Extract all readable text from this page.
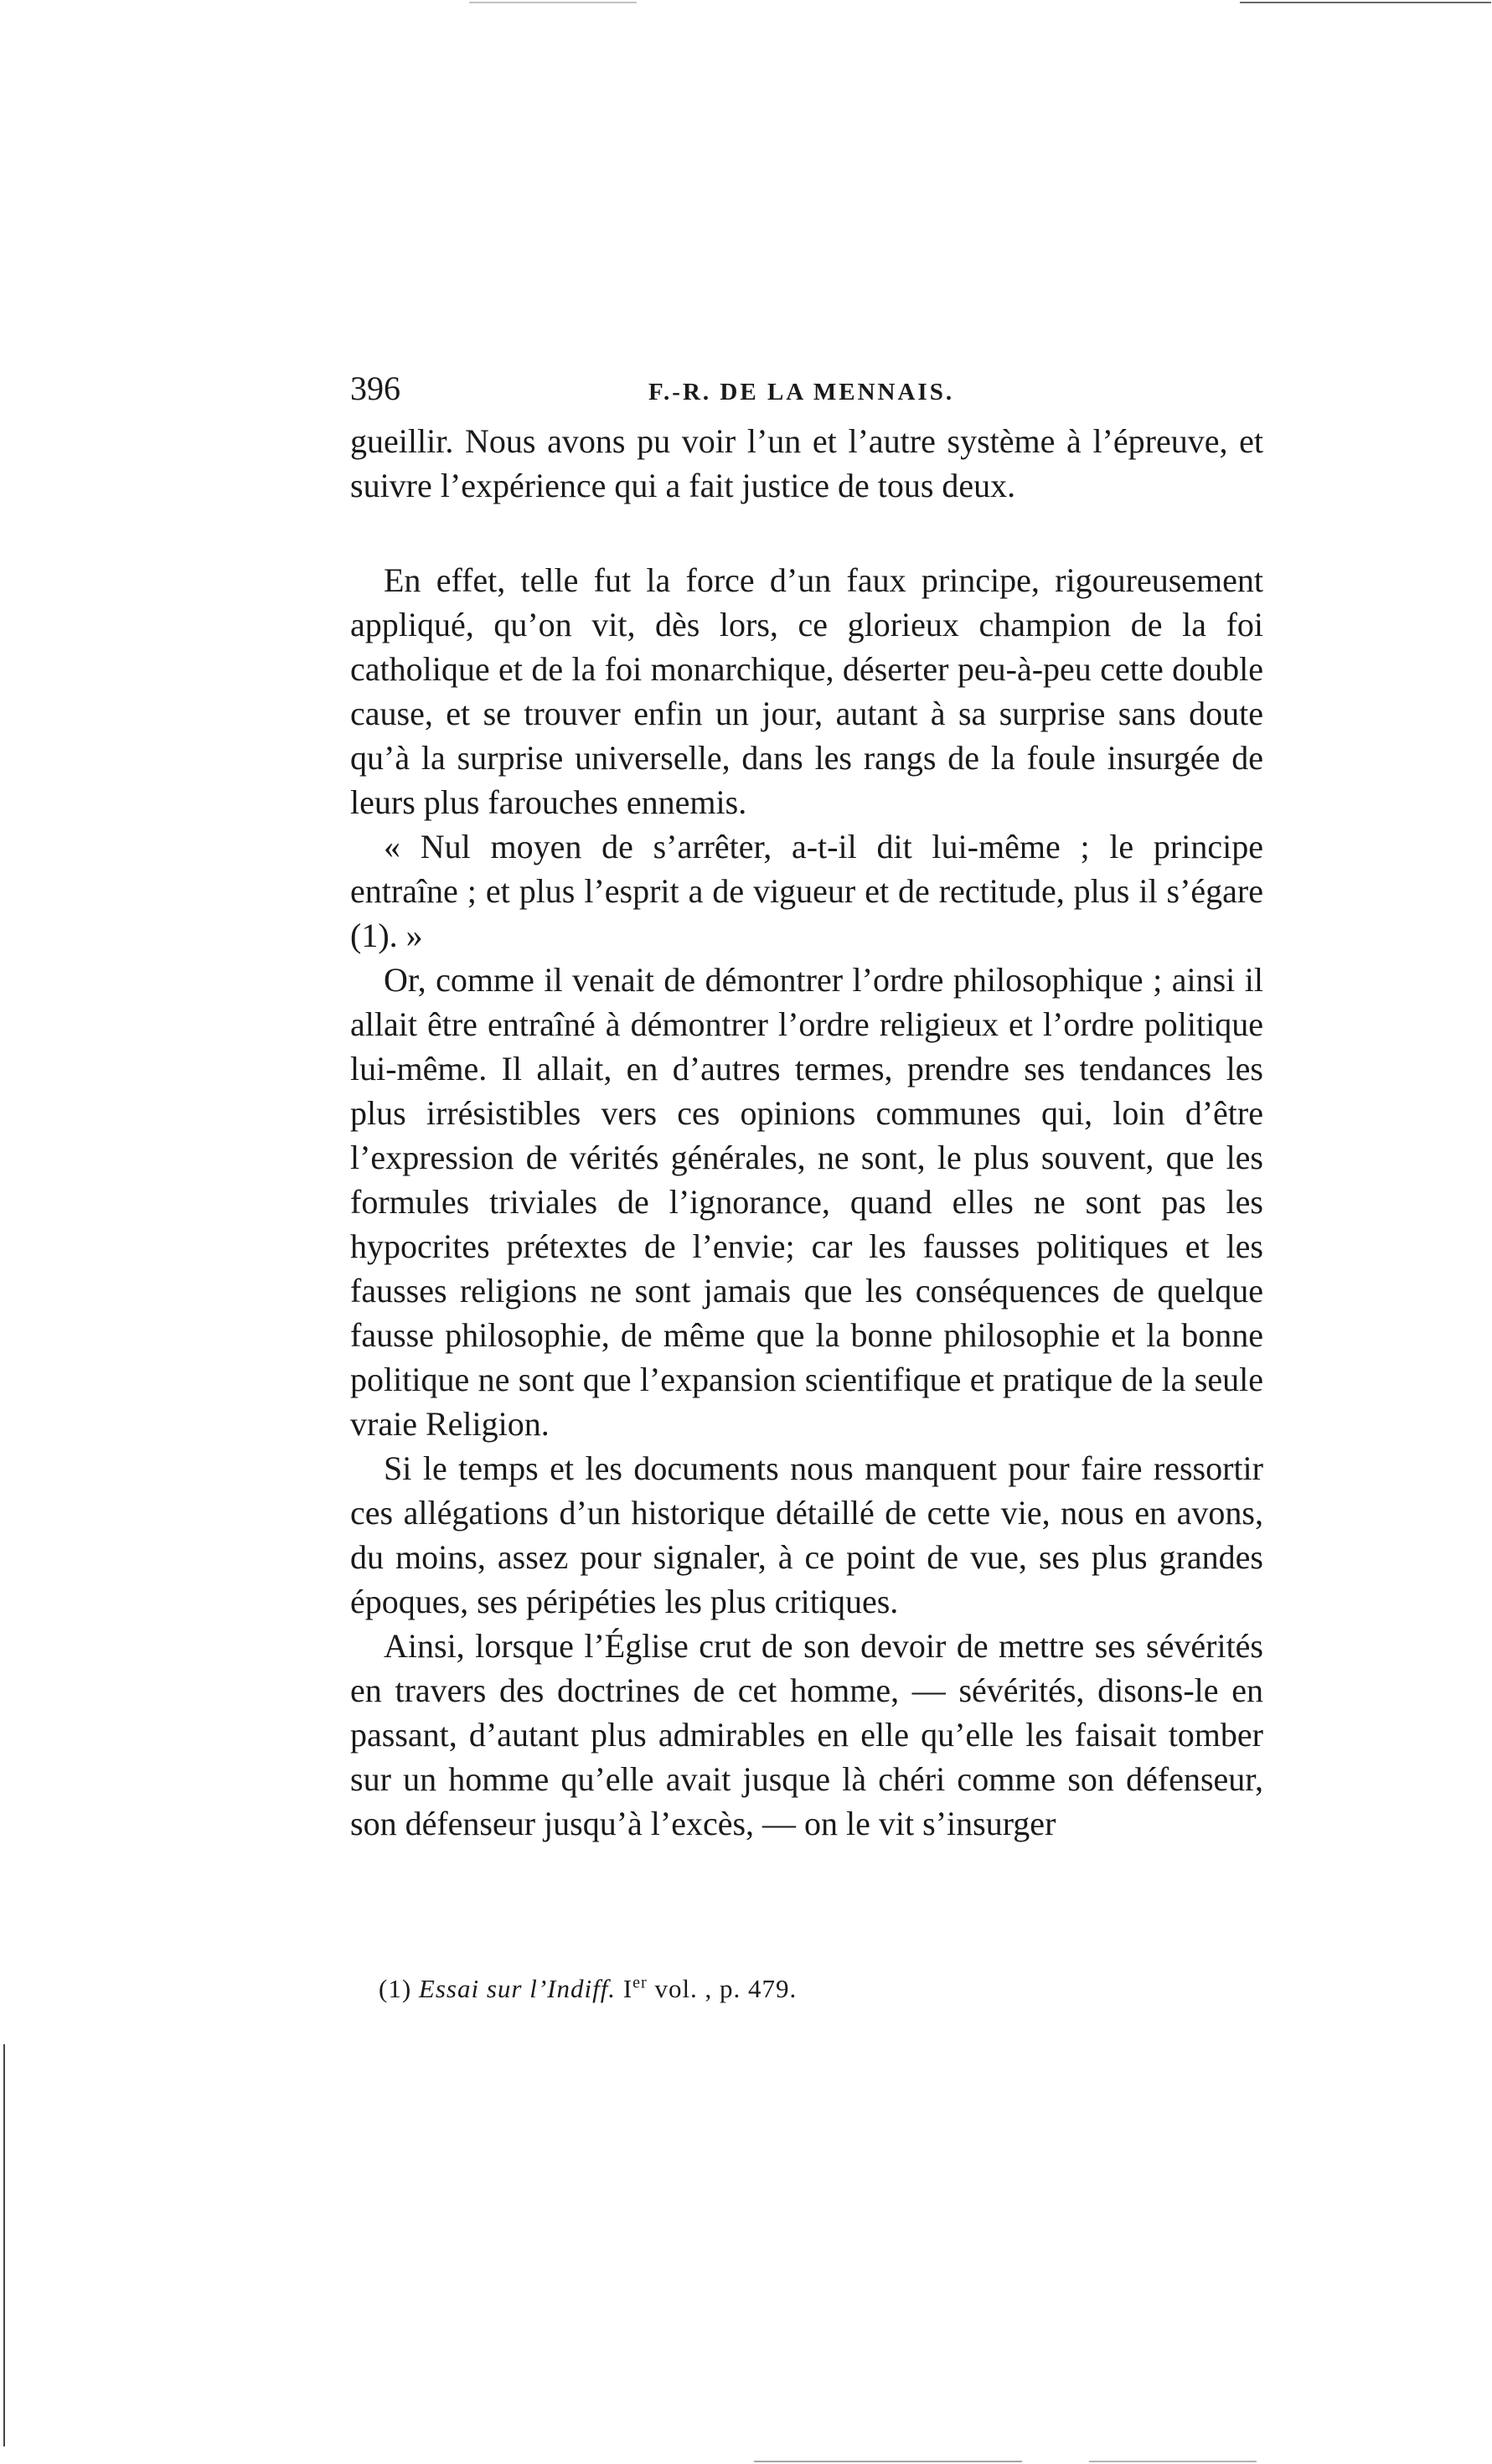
396	F.-R. DE LA MENNAIS.

gueillir. Nous avons pu voir l’un et l’autre système à l’épreuve, et suivre l’expérience qui a fait justice de tous deux.

En effet, telle fut la force d’un faux principe, rigoureusement appliqué, qu’on vit, dès lors, ce glorieux champion de la foi catholique et de la foi monarchique, déserter peu-à-peu cette double cause, et se trouver enfin un jour, autant à sa surprise sans doute qu’à la surprise universelle, dans les rangs de la foule insurgée de leurs plus farouches ennemis.

« Nul moyen de s’arrêter, a-t-il dit lui-même ; le principe entraîne ; et plus l’esprit a de vigueur et de rectitude, plus il s’égare (1). »

Or, comme il venait de démontrer l’ordre philosophique ; ainsi il allait être entraîné à démontrer l’ordre religieux et l’ordre politique lui-même. Il allait, en d’autres termes, prendre ses tendances les plus irrésistibles vers ces opinions communes qui, loin d’être l’expression de vérités générales, ne sont, le plus souvent, que les formules triviales de l’ignorance, quand elles ne sont pas les hypocrites prétextes de l’envie; car les fausses politiques et les fausses religions ne sont jamais que les conséquences de quelque fausse philosophie, de même que la bonne philosophie et la bonne politique ne sont que l’expansion scientifique et pratique de la seule vraie Religion.

Si le temps et les documents nous manquent pour faire ressortir ces allégations d’un historique détaillé de cette vie, nous en avons, du moins, assez pour signaler, à ce point de vue, ses plus grandes époques, ses péripéties les plus critiques.

Ainsi, lorsque l’Église crut de son devoir de mettre ses sévérités en travers des doctrines de cet homme, — sévérités, disons-le en passant, d’autant plus admirables en elle qu’elle les faisait tomber sur un homme qu’elle avait jusque là chéri comme son défenseur, son défenseur jusqu’à l’excès, — on le vit s’insurger

(1) Essai sur l’Indiff. Ier vol. , p. 479.
